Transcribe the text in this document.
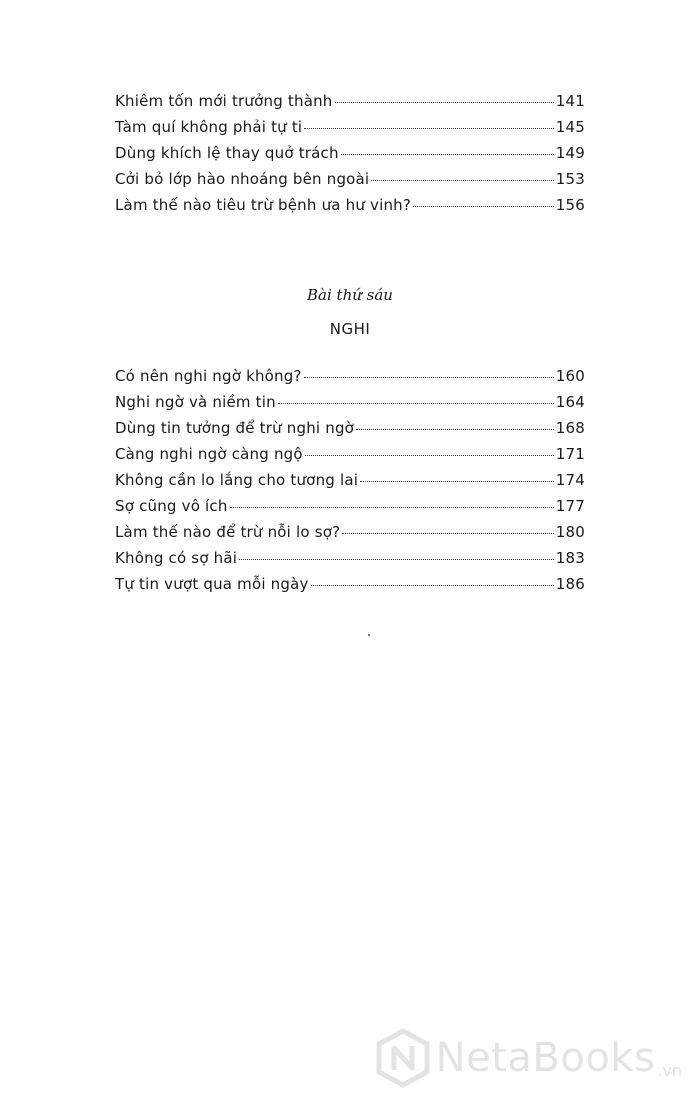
Khiêm tốn mới trưởng thành	141
Tàm quí không phải tự ti	145
Dùng khích lệ thay quở trách	149
Cởi bỏ lớp hào nhoáng bên ngoài	153
Làm thế nào tiêu trừ bệnh ưa hư vinh?	156
Bài thứ sáu
NGHI
Có nên nghi ngờ không?	160
Nghi ngờ và niềm tin	164
Dùng tin tưởng để trừ nghi ngờ	168
Càng nghi ngờ càng ngộ	171
Không cần lo lắng cho tương lai	174
Sợ cũng vô ích	177
Làm thế nào để trừ nỗi lo sợ?	180
Không có sợ hãi	183
Tự tin vượt qua mỗi ngày	186
NetaBooks .vn
